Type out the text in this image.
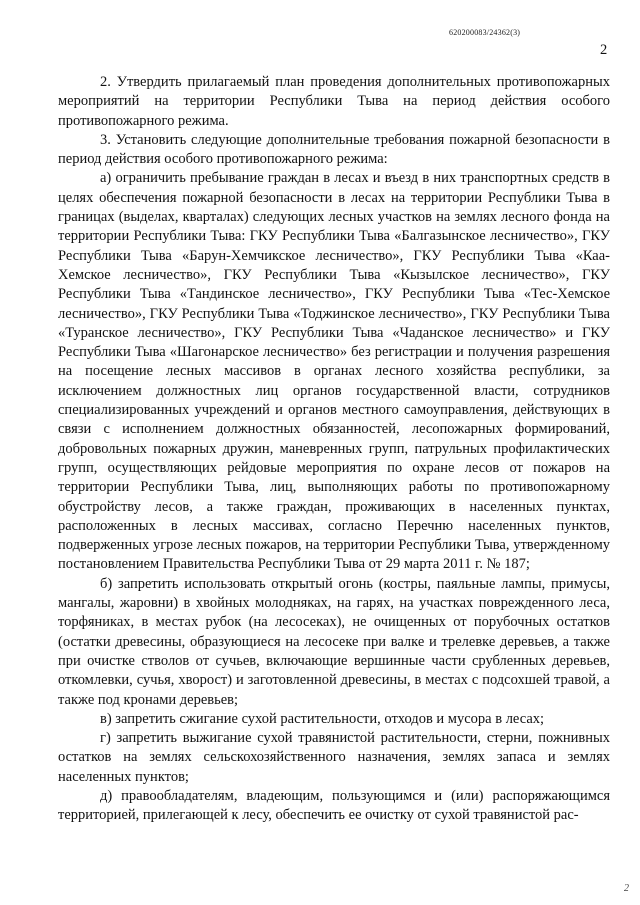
620200083/24362(3)
2

2. Утвердить прилагаемый план проведения дополнительных противопожарных мероприятий на территории Республики Тыва на период действия особого противопожарного режима.

3. Установить следующие дополнительные требования пожарной безопасности в период действия особого противопожарного режима:

а) ограничить пребывание граждан в лесах и въезд в них транспортных средств в целях обеспечения пожарной безопасности в лесах на территории Республики Тыва в границах (выделах, кварталах) следующих лесных участков на землях лесного фонда на территории Республики Тыва: ГКУ Республики Тыва «Балгазынское лесничество», ГКУ Республики Тыва «Барун-Хемчикское лесничество», ГКУ Республики Тыва «Каа-Хемское лесничество», ГКУ Республики Тыва «Кызылское лесничество», ГКУ Республики Тыва «Тандинское лесничество», ГКУ Республики Тыва «Тес-Хемское лесничество», ГКУ Республики Тыва «Тоджинское лесничество», ГКУ Республики Тыва «Туранское лесничество», ГКУ Республики Тыва «Чаданское лесничество» и ГКУ Республики Тыва «Шагонарское лесничество» без регистрации и получения разрешения на посещение лесных массивов в органах лесного хозяйства республики, за исключением должностных лиц органов государственной власти, сотрудников специализированных учреждений и органов местного самоуправления, действующих в связи с исполнением должностных обязанностей, лесопожарных формирований, добровольных пожарных дружин, маневренных групп, патрульных профилактических групп, осуществляющих рейдовые мероприятия по охране лесов от пожаров на территории Республики Тыва, лиц, выполняющих работы по противопожарному обустройству лесов, а также граждан, проживающих в населенных пунктах, расположенных в лесных массивах, согласно Перечню населенных пунктов, подверженных угрозе лесных пожаров, на территории Республики Тыва, утвержденному постановлением Правительства Республики Тыва от 29 марта 2011 г. № 187;

б) запретить использовать открытый огонь (костры, паяльные лампы, примусы, мангалы, жаровни) в хвойных молодняках, на гарях, на участках поврежденного леса, торфяниках, в местах рубок (на лесосеках), не очищенных от порубочных остатков (остатки древесины, образующиеся на лесосеке при валке и трелевке деревьев, а также при очистке стволов от сучьев, включающие вершинные части срубленных деревьев, откомлевки, сучья, хворост) и заготовленной древесины, в местах с подсохшей травой, а также под кронами деревьев;

в) запретить сжигание сухой растительности, отходов и мусора в лесах;

г) запретить выжигание сухой травянистой растительности, стерни, пожнивных остатков на землях сельскохозяйственного назначения, землях запаса и землях населенных пунктов;

д) правообладателям, владеющим, пользующимся и (или) распоряжающимся территорией, прилегающей к лесу, обеспечить ее очистку от сухой травянистой рас-

2
